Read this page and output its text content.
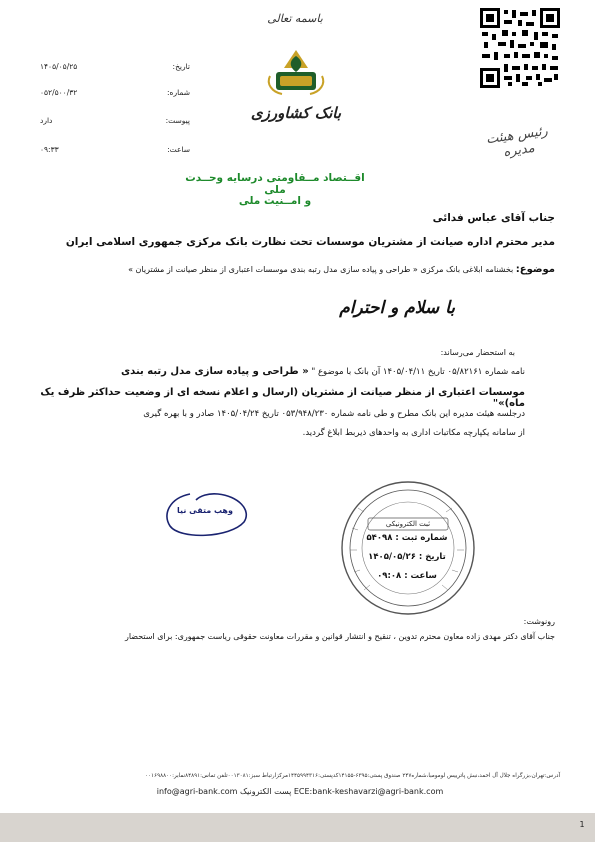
باسمه تعالی
بانک کشاورزی
رئیس هیئت مدیره
تاریخ:
۱۴۰۵/۰۵/۲۵
شماره:
۰۵۲/۵۰۰/۳۲
پیوست:
دارد
ساعت:
۰۹:۳۳
اقــتصاد مــقاومتی درسایه وحــدت ملی
و امــنیت ملی
جناب آقای عباس فدائی
مدیر محترم اداره صیانت از مشتریان موسسات تحت نظارت بانک مرکزی جمهوری اسلامی ایران
موضوع: بخشنامه ابلاغی بانک مرکزی « طراحی و پیاده سازی مدل رتبه بندی موسسات اعتباری از منظر صیانت از مشتریان »
با سلام و احترام
به استحضار می‌رساند:
نامه شماره ۰۵/۸۲۱۶۱ تاریخ ۱۴۰۵/۰۴/۱۱ آن بانک با موضوع " « طراحی و پیاده سازی مدل رتبه بندی
موسسات اعتباری از منظر صیانت از مشتریان (ارسال و اعلام نسخه ای از وضعیت حداکثر ظرف یک ماه)»"
درجلسه هیئت مدیره این بانک مطرح و طی نامه شماره ۰۵۳/۹۴۸/۲۳۰ تاریخ ۱۴۰۵/۰۴/۲۴ صادر و با بهره گیری
از سامانه یکپارچه مکاتبات اداری به واحدهای ذیربط ابلاغ گردید.
وهب متقی نیا
ثبت الکترونیکی
شماره ثبت : ۵۴۰۹۸
تاریخ : ۱۴۰۵/۰۵/۲۶
ساعت : ۰۹:۰۸
رونوشت:
جناب آقای دکتر مهدی زاده معاون محترم تدوین ، تنقیح و انتشار قوانین و مقررات معاونت حقوقی ریاست جمهوری: برای استحضار
آدرس:تهران،بزرگراه جلال آل احمد،نبش پاترییس لومومبا،شماره۲۴۷ صندوق پستی:۶۳۹۵-۱۴۱۵۵کدپستی:۱۴۴۵۹۹۴۳۱۶مرکزارتباط سبز:۰۰۱۳۰۸۱تلفن تماس:۸۴۸۹۱نمابر:۰۰۱۶۹۸۸۰۰
info@agri-bank.com پست الکترونیک ECE:bank-keshavarzi@agri-bank.com
1
